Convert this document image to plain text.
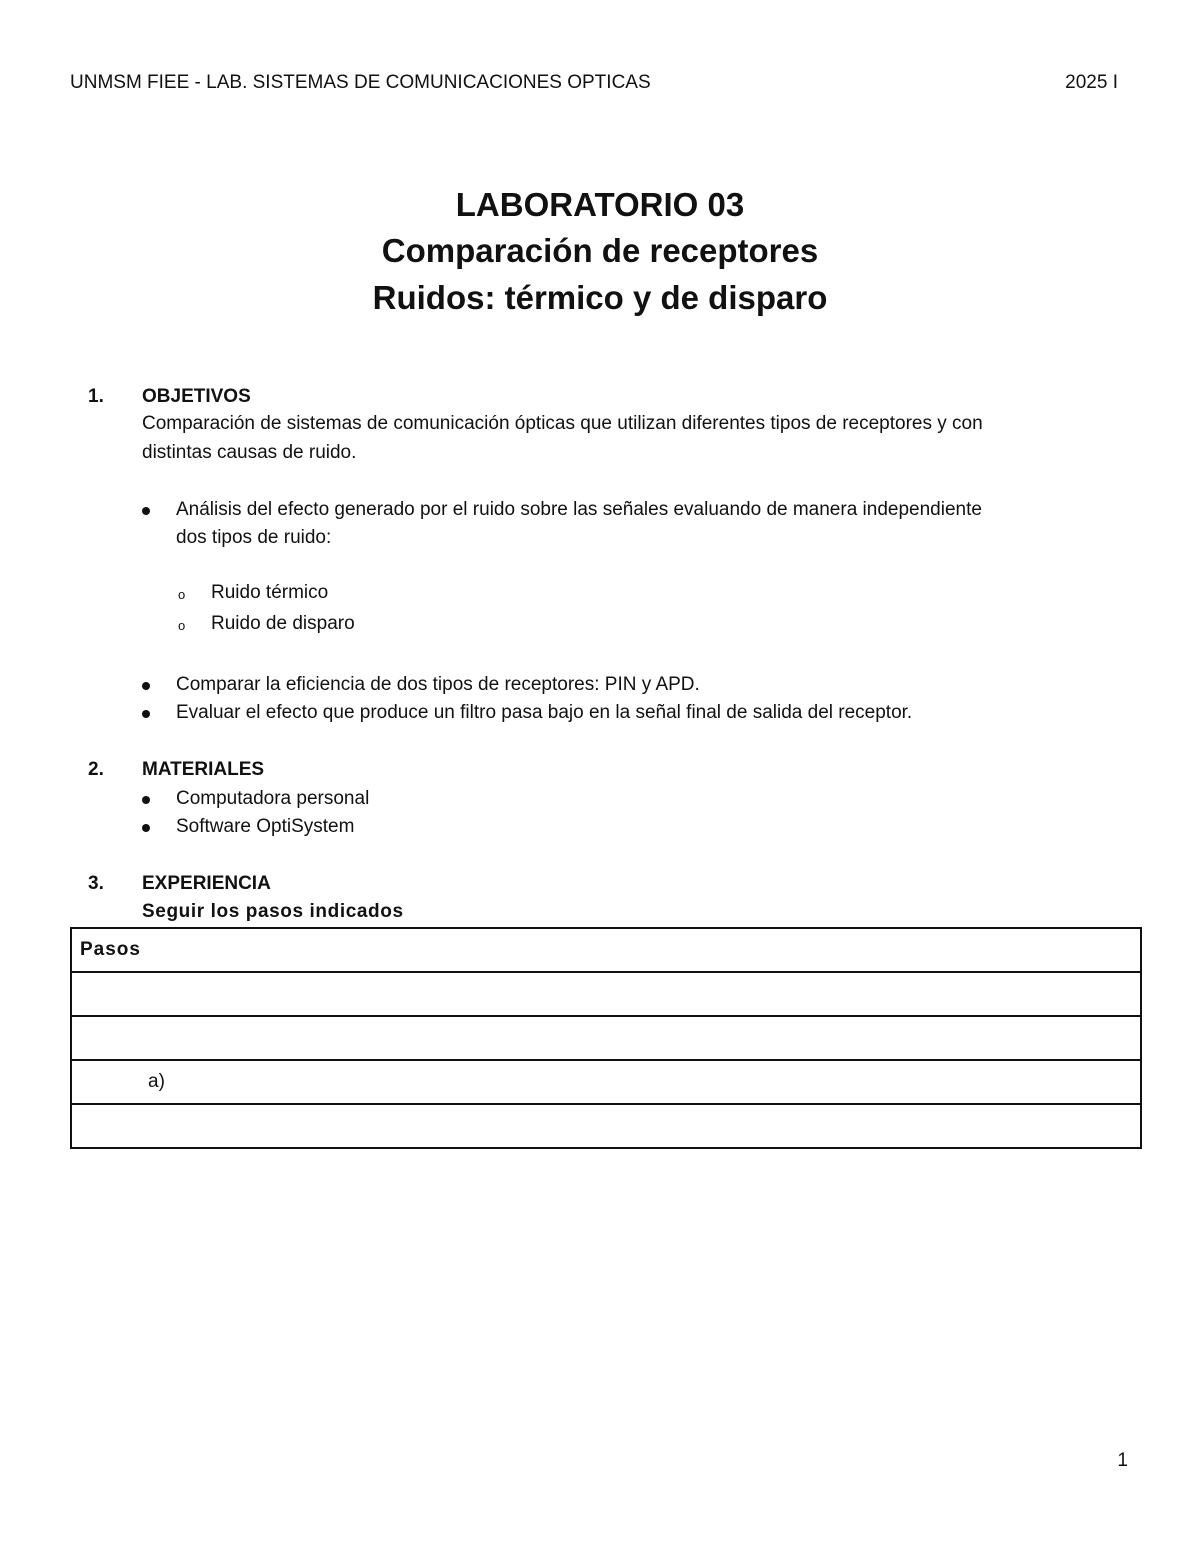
UNMSM FIEE - LAB. SISTEMAS DE COMUNICACIONES OPTICAS	2025 I
LABORATORIO 03
Comparación de receptores
Ruidos: térmico y de disparo
1. OBJETIVOS
Comparación de sistemas de comunicación ópticas que utilizan diferentes tipos de receptores y con
distintas causas de ruido.
Análisis del efecto generado por el ruido sobre las señales evaluando de manera independiente
dos tipos de ruido:
o Ruido térmico
o Ruido de disparo
Comparar la eficiencia de dos tipos de receptores: PIN y APD.
Evaluar el efecto que produce un filtro pasa bajo en la señal final de salida del receptor.
2. MATERIALES
Computadora personal
Software OptiSystem
3. EXPERIENCIA
Seguir los pasos indicados
Pasos

a)

1
